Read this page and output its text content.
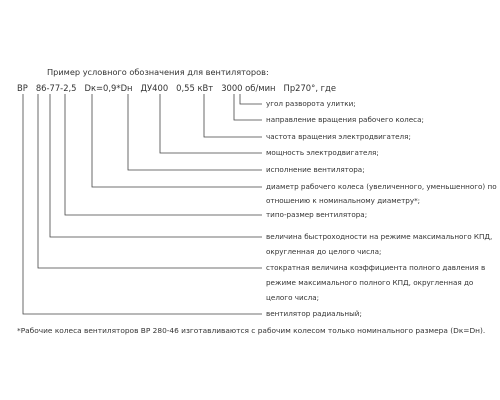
Пример условного обозначения для вентиляторов:
ВР 86-77-2,5 Dк=0,9*Dн ДУ400 0,55 кВт 3000 об/мин Пр270°, где
угол разворота улитки;
направление вращения рабочего колеса;
частота вращения электродвигателя;
мощность электродвигателя;
исполнение вентилятора;
диаметр рабочего колеса (увеличенного, уменьшенного) по
отношению к номинальному диаметру*;
типо-размер вентилятора;
величина быстроходности на режиме максимального КПД,
округленная до целого числа;
стократная величина коэффициента полного давления в
режиме максимального полного КПД, округленная до
целого числа;
вентилятор радиальный;
*Рабочие колеса вентиляторов ВР 280-46 изготавливаются с рабочим колесом только номинального размера (Dк=Dн).
